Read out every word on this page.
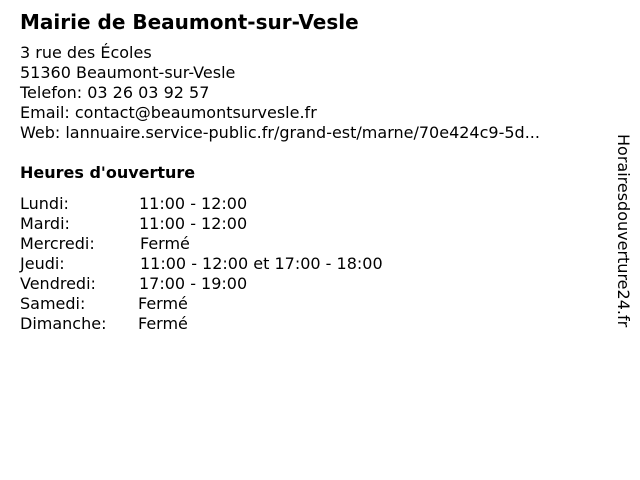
Mairie de Beaumont-sur-Vesle
3 rue des Écoles
51360 Beaumont-sur-Vesle
Telefon: 03 26 03 92 57
Email: contact@beaumontsurvesle.fr
Web: lannuaire.service-public.fr/grand-est/marne/70e424c9-5d...
Heures d'ouverture
Lundi:	11:00 - 12:00
Mardi:	11:00 - 12:00
Mercredi:	Fermé
Jeudi:	11:00 - 12:00 et 17:00 - 18:00
Vendredi:	17:00 - 19:00
Samedi:	Fermé
Dimanche: Fermé	Horairesdouverture24.fr
